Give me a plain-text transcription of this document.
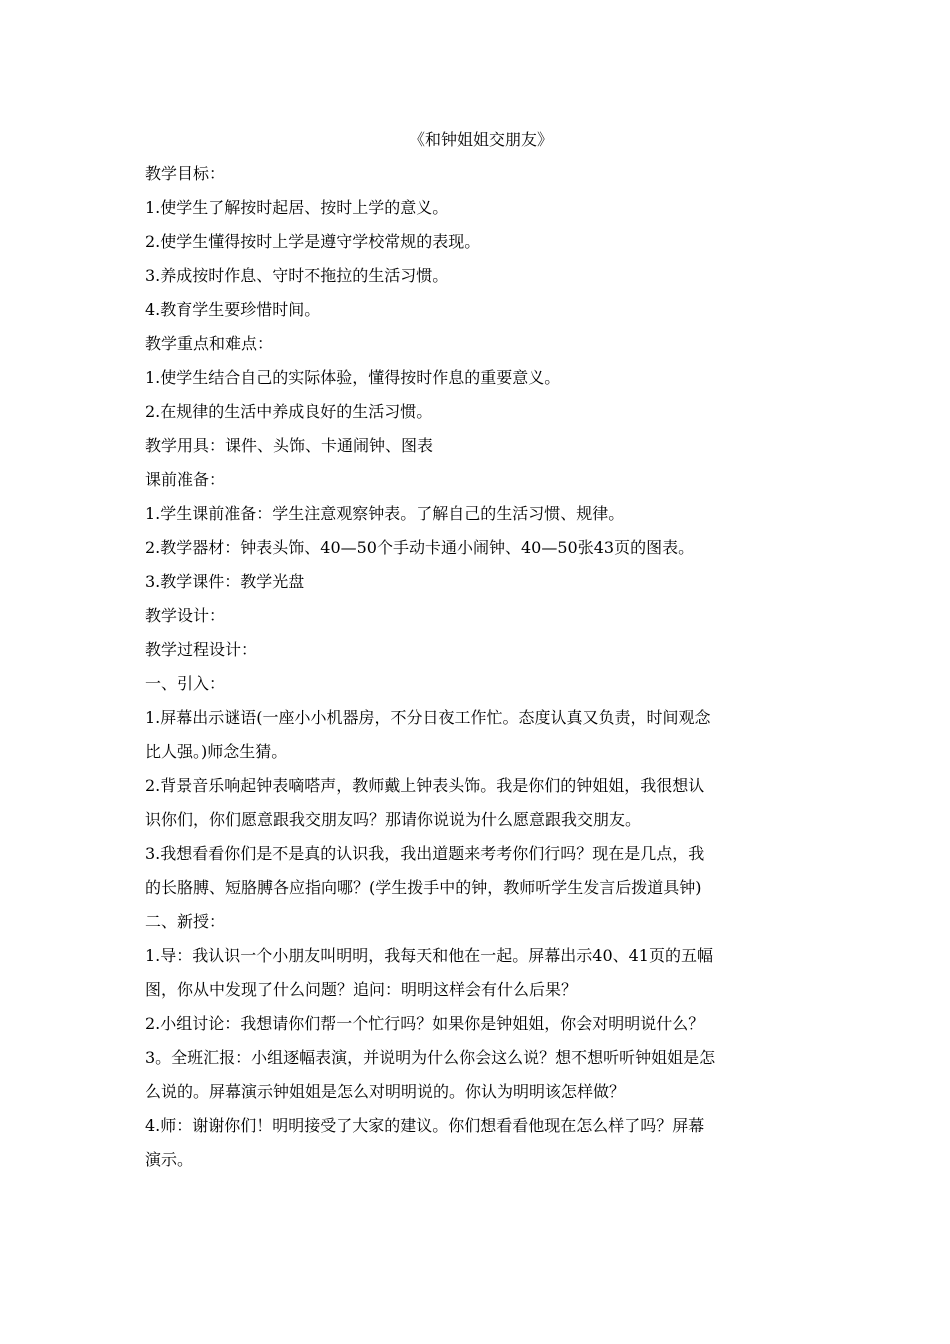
《和钟姐姐交朋友》

教学目标：

1.使学生了解按时起居、按时上学的意义。

2.使学生懂得按时上学是遵守学校常规的表现。

3.养成按时作息、守时不拖拉的生活习惯。

4.教育学生要珍惜时间。

教学重点和难点：

1.使学生结合自己的实际体验，懂得按时作息的重要意义。

2.在规律的生活中养成良好的生活习惯。

教学用具：课件、头饰、卡通闹钟、图表

课前准备：

1.学生课前准备：学生注意观察钟表。了解自己的生活习惯、规律。

2.教学器材：钟表头饰、40—50个手动卡通小闹钟、40—50张43页的图表。

3.教学课件：教学光盘

教学设计：

教学过程设计：

一、引入：

1.屏幕出示谜语(一座小小机器房，不分日夜工作忙。态度认真又负责，时间观念

比人强。)师念生猜。

2.背景音乐响起钟表嘀嗒声，教师戴上钟表头饰。我是你们的钟姐姐，我很想认

识你们，你们愿意跟我交朋友吗？那请你说说为什么愿意跟我交朋友。

3.我想看看你们是不是真的认识我，我出道题来考考你们行吗？现在是几点，我

的长胳膊、短胳膊各应指向哪？(学生拨手中的钟，教师听学生发言后拨道具钟)

二、新授：

1.导：我认识一个小朋友叫明明，我每天和他在一起。屏幕出示40、41页的五幅

图，你从中发现了什么问题？追问：明明这样会有什么后果？

2.小组讨论：我想请你们帮一个忙行吗？如果你是钟姐姐，你会对明明说什么？

3。全班汇报：小组逐幅表演，并说明为什么你会这么说？想不想听听钟姐姐是怎

么说的。屏幕演示钟姐姐是怎么对明明说的。你认为明明该怎样做？

4.师：谢谢你们！明明接受了大家的建议。你们想看看他现在怎么样了吗？屏幕

演示。
